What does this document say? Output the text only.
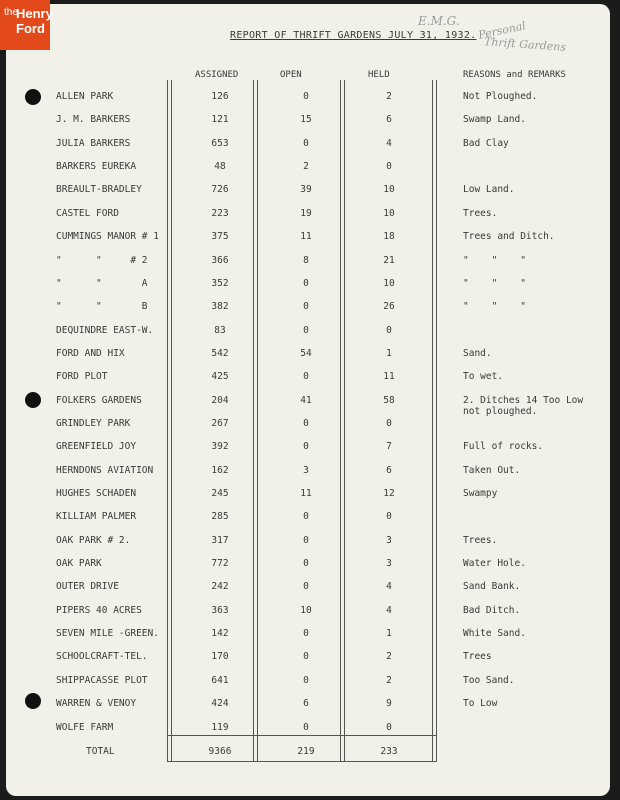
the
Henry
Ford	REPORT OF THRIFT GARDENS JULY 31, 1932.
E.M.G. Personal
Thrift Gardens
ASSIGNED	OPEN	HELD	REASONS and REMARKS
ALLEN PARK	126	0	2	Not Ploughed.
J. M. BARKERS	121	15	6	Swamp Land.
JULIA BARKERS	653	0	4	Bad Clay
BARKERS EUREKA	48	2	0
BREAULT-BRADLEY	726	39	10	Low Land.
CASTEL FORD	223	19	10	Trees.
CUMMINGS MANOR # 1	375	11	18	Trees and Ditch.
"      "     # 2	366	8	21	"    "    "
"      "       A	352	0	10	"    "    "
"      "       B	382	0	26	"    "    "
DEQUINDRE EAST-W.	83	0	0
FORD AND HIX	542	54	1	Sand.
FORD PLOT	425	0	11	To wet.
FOLKERS GARDENS	204	41	58	2. Ditches 14 Too Low
not ploughed.
GRINDLEY PARK	267	0	0
GREENFIELD JOY	392	0	7	Full of rocks.
HERNDONS AVIATION	162	3	6	Taken Out.
HUGHES SCHADEN	245	11	12	Swampy
KILLIAM PALMER	285	0	0
OAK PARK # 2.	317	0	3	Trees.
OAK PARK	772	0	3	Water Hole.
OUTER DRIVE	242	0	4	Sand Bank.
PIPERS 40 ACRES	363	10	4	Bad Ditch.
SEVEN MILE -GREEN.	142	0	1	White Sand.
SCHOOLCRAFT-TEL.	170	0	2	Trees
SHIPPACASSE PLOT	641	0	2	Too Sand.
WARREN & VENOY	424	6	9	To Low
WOLFE FARM	119	0	0
TOTAL	9366	219	233
